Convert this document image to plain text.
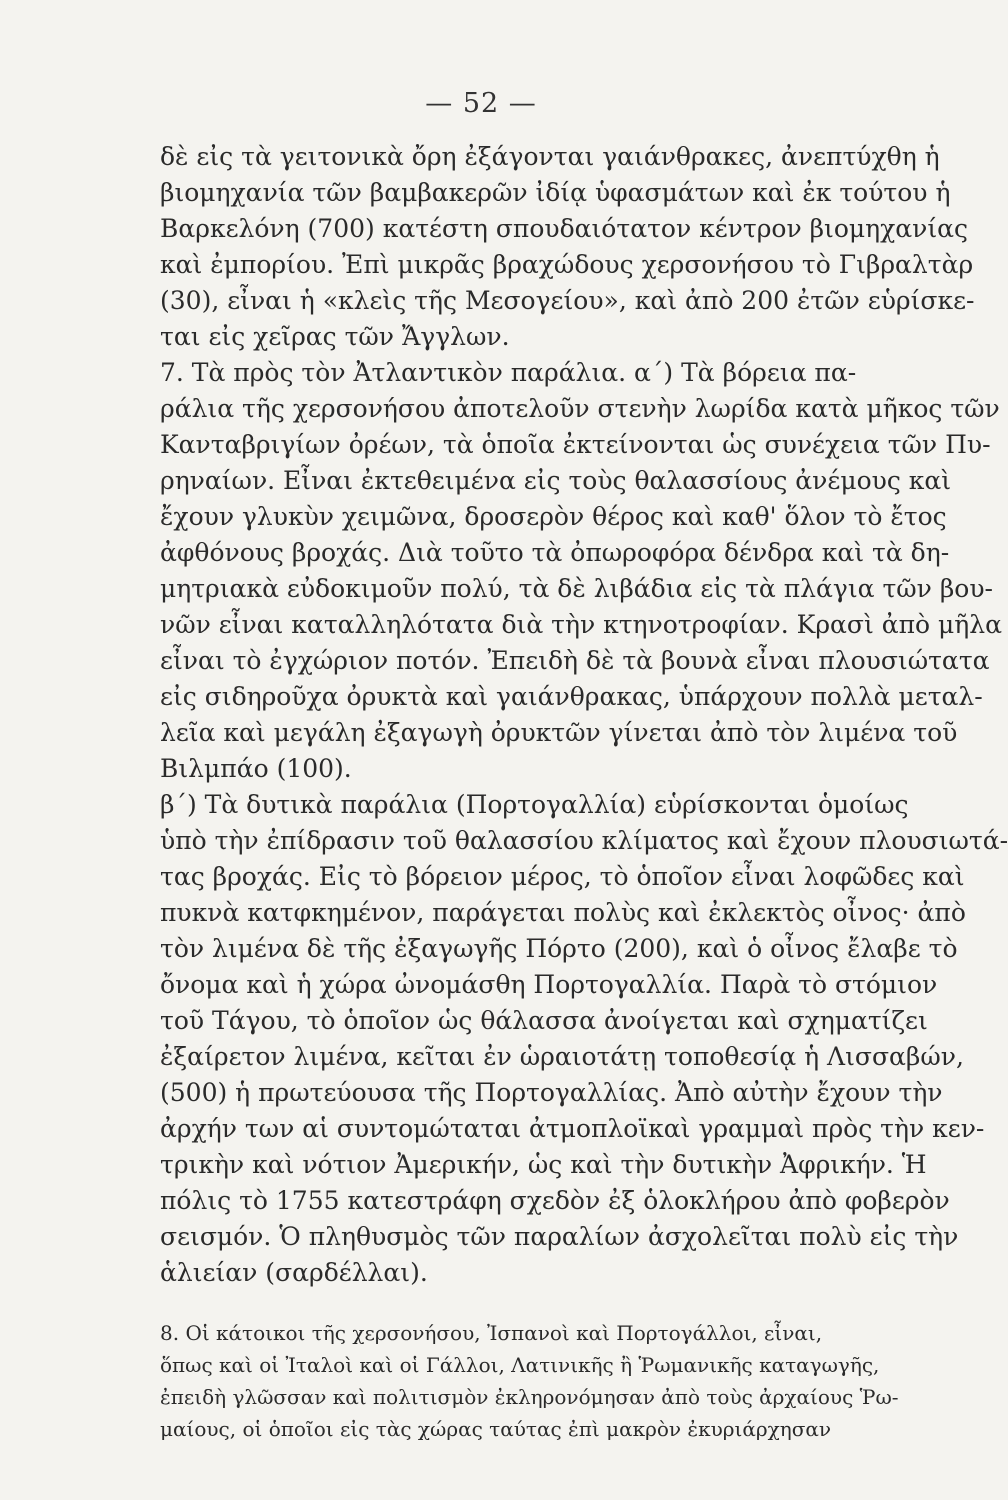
— 52 —
δὲ εἰς τὰ γειτονικὰ ὄρη ἐξάγονται γαιάνθρακες, ἀνεπτύχθη ἡ
βιομηχανία τῶν βαμβακερῶν ἰδίᾳ ὑφασμάτων καὶ ἐκ τούτου ἡ
Βαρκελόνη (700) κατέστη σπουδαιότατον κέντρον βιομηχανίας
καὶ ἐμπορίου. Ἐπὶ μικρᾶς βραχώδους χερσονήσου τὸ Γιβραλτὰρ
(30), εἶναι ἡ «κλεὶς τῆς Μεσογείου», καὶ ἀπὸ 200 ἐτῶν εὑρίσκε-
ται εἰς χεῖρας τῶν Ἄγγλων.
7. Τὰ πρὸς τὸν Ἀτλαντικὸν παράλια. α΄) Τὰ βόρεια πα-
ράλια τῆς χερσονήσου ἀποτελοῦν στενὴν λωρίδα κατὰ μῆκος τῶν
Κανταβριγίων ὀρέων, τὰ ὁποῖα ἐκτείνονται ὡς συνέχεια τῶν Πυ-
ρηναίων. Εἶναι ἐκτεθειμένα εἰς τοὺς θαλασσίους ἀνέμους καὶ
ἔχουν γλυκὺν χειμῶνα, δροσερὸν θέρος καὶ καθ' ὅλον τὸ ἔτος
ἀφθόνους βροχάς. Διὰ τοῦτο τὰ ὀπωροφόρα δένδρα καὶ τὰ δη-
μητριακὰ εὐδοκιμοῦν πολύ, τὰ δὲ λιβάδια εἰς τὰ πλάγια τῶν βου-
νῶν εἶναι καταλληλότατα διὰ τὴν κτηνοτροφίαν. Κρασὶ ἀπὸ μῆλα
εἶναι τὸ ἐγχώριον ποτόν. Ἐπειδὴ δὲ τὰ βουνὰ εἶναι πλουσιώτατα
εἰς σιδηροῦχα ὀρυκτὰ καὶ γαιάνθρακας, ὑπάρχουν πολλὰ μεταλ-
λεῖα καὶ μεγάλη ἐξαγωγὴ ὀρυκτῶν γίνεται ἀπὸ τὸν λιμένα τοῦ
Βιλμπάο (100).
β΄) Τὰ δυτικὰ παράλια (Πορτογαλλία) εὑρίσκονται ὁμοίως
ὑπὸ τὴν ἐπίδρασιν τοῦ θαλασσίου κλίματος καὶ ἔχουν πλουσιωτά-
τας βροχάς. Εἰς τὸ βόρειον μέρος, τὸ ὁποῖον εἶναι λοφῶδες καὶ
πυκνὰ κατφκημένον, παράγεται πολὺς καὶ ἐκλεκτὸς οἶνος· ἀπὸ
τὸν λιμένα δὲ τῆς ἐξαγωγῆς Πόρτο (200), καὶ ὁ οἶνος ἔλαβε τὸ
ὄνομα καὶ ἡ χώρα ὠνομάσθη Πορτογαλλία. Παρὰ τὸ στόμιον
τοῦ Τάγου, τὸ ὁποῖον ὡς θάλασσα ἀνοίγεται καὶ σχηματίζει
ἐξαίρετον λιμένα, κεῖται ἐν ὡραιοτάτῃ τοποθεσίᾳ ἡ Λισσαβών,
(500) ἡ πρωτεύουσα τῆς Πορτογαλλίας. Ἀπὸ αὐτὴν ἔχουν τὴν
ἀρχήν των αἱ συντομώταται ἀτμοπλοϊκαὶ γραμμαὶ πρὸς τὴν κεν-
τρικὴν καὶ νότιον Ἀμερικήν, ὡς καὶ τὴν δυτικὴν Ἀφρικήν. Ἡ
πόλις τὸ 1755 κατεστράφη σχεδὸν ἐξ ὁλοκλήρου ἀπὸ φοβερὸν
σεισμόν. Ὁ πληθυσμὸς τῶν παραλίων ἀσχολεῖται πολὺ εἰς τὴν
ἁλιείαν (σαρδέλλαι).
8. Οἱ κάτοικοι τῆς χερσονήσου, Ἰσπανοὶ καὶ Πορτογάλλοι, εἶναι,
ὅπως καὶ οἱ Ἰταλοὶ καὶ οἱ Γάλλοι, Λατινικῆς ἢ Ῥωμανικῆς καταγωγῆς,
ἐπειδὴ γλῶσσαν καὶ πολιτισμὸν ἐκληρονόμησαν ἀπὸ τοὺς ἀρχαίους Ῥω-
μαίους, οἱ ὁποῖοι εἰς τὰς χώρας ταύτας ἐπὶ μακρὸν ἐκυριάρχησαν
